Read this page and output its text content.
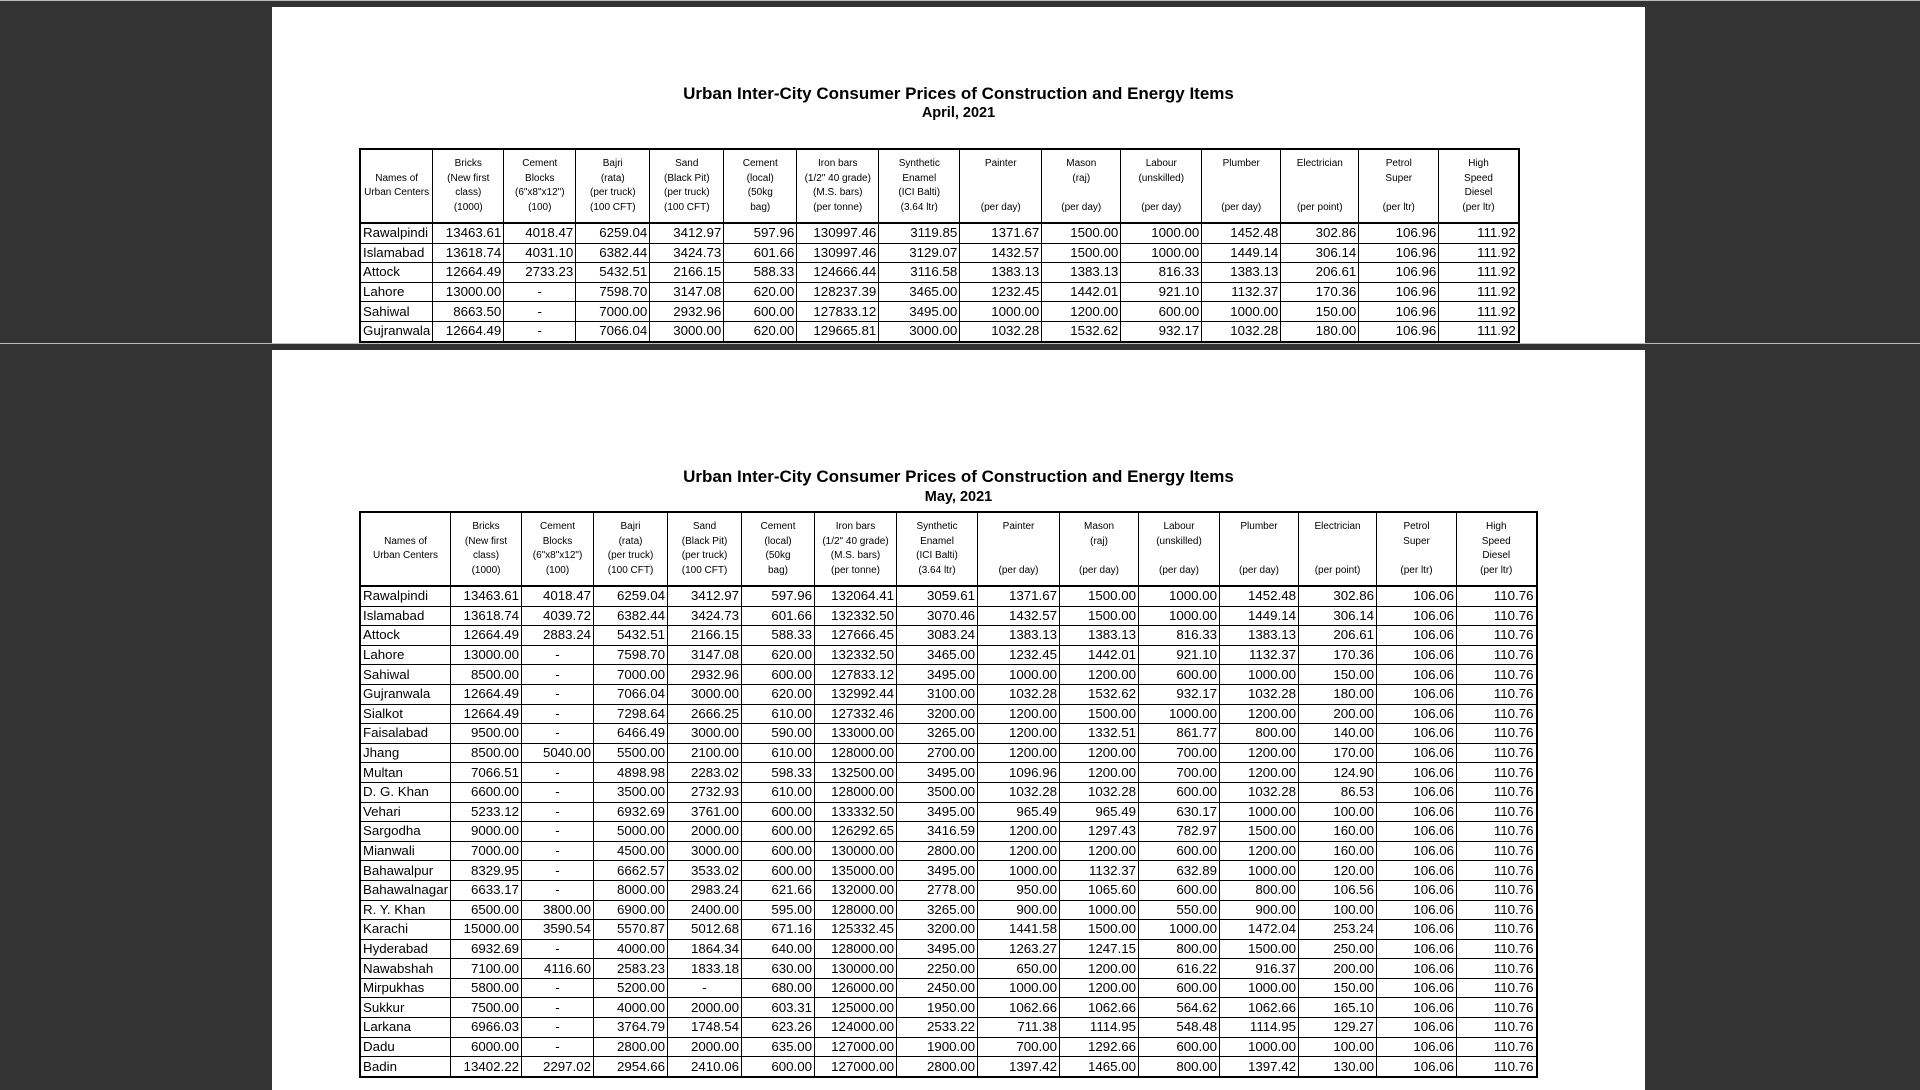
Urban Inter-City Consumer Prices of Construction and Energy Items
April, 2021
Names of
Urban Centers	Bricks
(New first
class)
(1000)	Cement
Blocks
(6"x8"x12")
(100)	Bajri
(rata)
(per truck)
(100 CFT)	Sand
(Black Pit)
(per truck)
(100 CFT)	Cement
(local)
(50kg
bag)	Iron bars
(1/2" 40 grade)
(M.S. bars)
(per tonne)	Synthetic
Enamel
(ICI Balti)
(3.64 ltr)	Painter

(per day)	Mason
(raj)

(per day)	Labour
(unskilled)

(per day)	Plumber

(per day)	Electrician

(per point)	Petrol
Super

(per ltr)	High
Speed
Diesel
(per ltr)

Rawalpindi	13463.61	4018.47	6259.04	3412.97	597.96	130997.46	3119.85	1371.67	1500.00	1000.00	1452.48	302.86	106.96	111.92
Islamabad	13618.74	4031.10	6382.44	3424.73	601.66	130997.46	3129.07	1432.57	1500.00	1000.00	1449.14	306.14	106.96	111.92
Attock	12664.49	2733.23	5432.51	2166.15	588.33	124666.44	3116.58	1383.13	1383.13	816.33	1383.13	206.61	106.96	111.92
Lahore	13000.00	-	7598.70	3147.08	620.00	128237.39	3465.00	1232.45	1442.01	921.10	1132.37	170.36	106.96	111.92
Sahiwal	8663.50	-	7000.00	2932.96	600.00	127833.12	3495.00	1000.00	1200.00	600.00	1000.00	150.00	106.96	111.92
Gujranwala	12664.49	-	7066.04	3000.00	620.00	129665.81	3000.00	1032.28	1532.62	932.17	1032.28	180.00	106.96	111.92
Urban Inter-City Consumer Prices of Construction and Energy Items
May, 2021
Names of
Urban Centers	Bricks
(New first
class)
(1000)	Cement
Blocks
(6"x8"x12")
(100)	Bajri
(rata)
(per truck)
(100 CFT)	Sand
(Black Pit)
(per truck)
(100 CFT)	Cement
(local)
(50kg
bag)	Iron bars
(1/2" 40 grade)
(M.S. bars)
(per tonne)	Synthetic
Enamel
(ICI Balti)
(3.64 ltr)	Painter

(per day)	Mason
(raj)

(per day)	Labour
(unskilled)

(per day)	Plumber

(per day)	Electrician

(per point)	Petrol
Super

(per ltr)	High
Speed
Diesel
(per ltr)

Rawalpindi	13463.61	4018.47	6259.04	3412.97	597.96	132064.41	3059.61	1371.67	1500.00	1000.00	1452.48	302.86	106.06	110.76
Islamabad	13618.74	4039.72	6382.44	3424.73	601.66	132332.50	3070.46	1432.57	1500.00	1000.00	1449.14	306.14	106.06	110.76
Attock	12664.49	2883.24	5432.51	2166.15	588.33	127666.45	3083.24	1383.13	1383.13	816.33	1383.13	206.61	106.06	110.76
Lahore	13000.00	-	7598.70	3147.08	620.00	132332.50	3465.00	1232.45	1442.01	921.10	1132.37	170.36	106.06	110.76
Sahiwal	8500.00	-	7000.00	2932.96	600.00	127833.12	3495.00	1000.00	1200.00	600.00	1000.00	150.00	106.06	110.76
Gujranwala	12664.49	-	7066.04	3000.00	620.00	132992.44	3100.00	1032.28	1532.62	932.17	1032.28	180.00	106.06	110.76
Sialkot	12664.49	-	7298.64	2666.25	610.00	127332.46	3200.00	1200.00	1500.00	1000.00	1200.00	200.00	106.06	110.76
Faisalabad	9500.00	-	6466.49	3000.00	590.00	133000.00	3265.00	1200.00	1332.51	861.77	800.00	140.00	106.06	110.76
Jhang	8500.00	5040.00	5500.00	2100.00	610.00	128000.00	2700.00	1200.00	1200.00	700.00	1200.00	170.00	106.06	110.76
Multan	7066.51	-	4898.98	2283.02	598.33	132500.00	3495.00	1096.96	1200.00	700.00	1200.00	124.90	106.06	110.76
D. G. Khan	6600.00	-	3500.00	2732.93	610.00	128000.00	3500.00	1032.28	1032.28	600.00	1032.28	86.53	106.06	110.76
Vehari	5233.12	-	6932.69	3761.00	600.00	133332.50	3495.00	965.49	965.49	630.17	1000.00	100.00	106.06	110.76
Sargodha	9000.00	-	5000.00	2000.00	600.00	126292.65	3416.59	1200.00	1297.43	782.97	1500.00	160.00	106.06	110.76
Mianwali	7000.00	-	4500.00	3000.00	600.00	130000.00	2800.00	1200.00	1200.00	600.00	1200.00	160.00	106.06	110.76
Bahawalpur	8329.95	-	6662.57	3533.02	600.00	135000.00	3495.00	1000.00	1132.37	632.89	1000.00	120.00	106.06	110.76
Bahawalnagar	6633.17	-	8000.00	2983.24	621.66	132000.00	2778.00	950.00	1065.60	600.00	800.00	106.56	106.06	110.76
R. Y. Khan	6500.00	3800.00	6900.00	2400.00	595.00	128000.00	3265.00	900.00	1000.00	550.00	900.00	100.00	106.06	110.76
Karachi	15000.00	3590.54	5570.87	5012.68	671.16	125332.45	3200.00	1441.58	1500.00	1000.00	1472.04	253.24	106.06	110.76
Hyderabad	6932.69	-	4000.00	1864.34	640.00	128000.00	3495.00	1263.27	1247.15	800.00	1500.00	250.00	106.06	110.76
Nawabshah	7100.00	4116.60	2583.23	1833.18	630.00	130000.00	2250.00	650.00	1200.00	616.22	916.37	200.00	106.06	110.76
Mirpukhas	5800.00	-	5200.00	-	680.00	126000.00	2450.00	1000.00	1200.00	600.00	1000.00	150.00	106.06	110.76
Sukkur	7500.00	-	4000.00	2000.00	603.31	125000.00	1950.00	1062.66	1062.66	564.62	1062.66	165.10	106.06	110.76
Larkana	6966.03	-	3764.79	1748.54	623.26	124000.00	2533.22	711.38	1114.95	548.48	1114.95	129.27	106.06	110.76
Dadu	6000.00	-	2800.00	2000.00	635.00	127000.00	1900.00	700.00	1292.66	600.00	1000.00	100.00	106.06	110.76
Badin	13402.22	2297.02	2954.66	2410.06	600.00	127000.00	2800.00	1397.42	1465.00	800.00	1397.42	130.00	106.06	110.76
